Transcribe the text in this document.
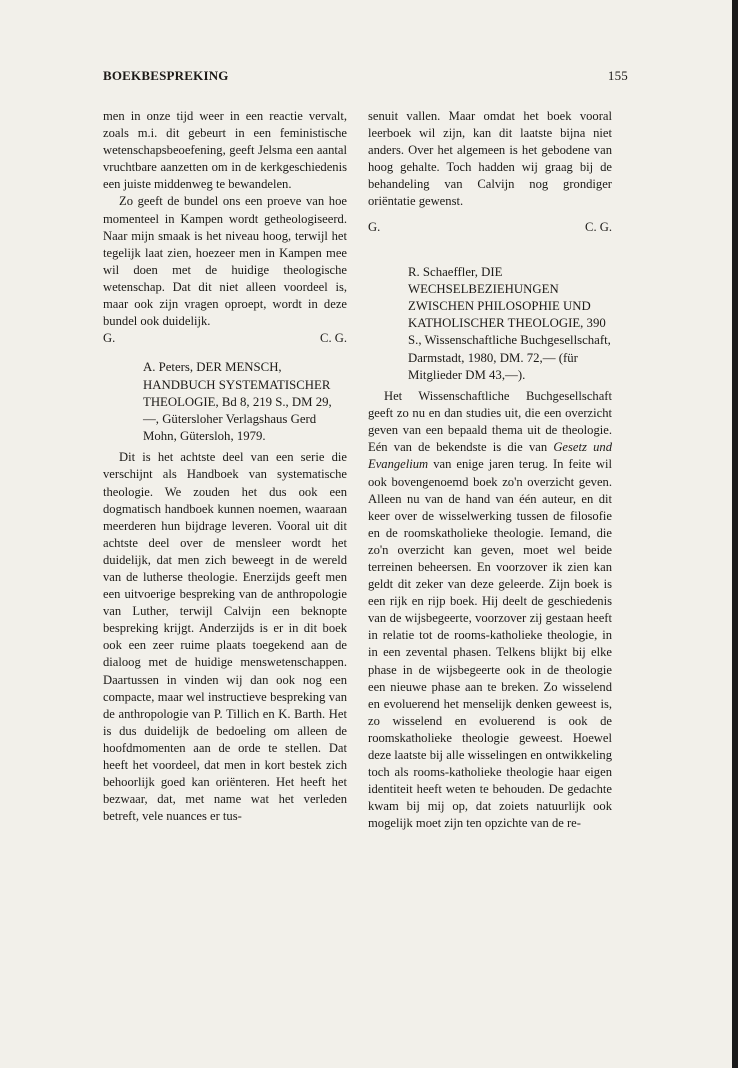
BOEKBESPREKING	155

men in onze tijd weer in een reactie vervalt, zoals m.i. dit gebeurt in een feministische wetenschapsbeoefening, geeft Jelsma een aantal vruchtbare aanzetten om in de kerkgeschiedenis een juiste middenweg te bewandelen.

Zo geeft de bundel ons een proeve van hoe momenteel in Kampen wordt getheologiseerd. Naar mijn smaak is het niveau hoog, terwijl het tegelijk laat zien, hoezeer men in Kampen mee wil doen met de huidige theologische wetenschap. Dat dit niet alleen voordeel is, maar ook zijn vragen oproept, wordt in deze bundel ook duidelijk.

G.	C. G.
A. Peters, DER MENSCH, HANDBUCH SYSTEMATISCHER THEOLOGIE, Bd 8, 219 S., DM 29,—, Gütersloher Verlagshaus Gerd Mohn, Gütersloh, 1979.

Dit is het achtste deel van een serie die verschijnt als Handboek van systematische theologie. We zouden het dus ook een dogmatisch handboek kunnen noemen, waaraan meerderen hun bijdrage leveren. Vooral uit dit achtste deel over de mensleer wordt het duidelijk, dat men zich beweegt in de wereld van de lutherse theologie. Enerzijds geeft men een uitvoerige bespreking van de anthropologie van Luther, terwijl Calvijn een beknopte bespreking krijgt. Anderzijds is er in dit boek ook een zeer ruime plaats toegekend aan de dialoog met de huidige menswetenschappen. Daartussen in vinden wij dan ook nog een compacte, maar wel instructieve bespreking van de anthropologie van P. Tillich en K. Barth. Het is dus duidelijk de bedoeling om alleen de hoofdmomenten aan de orde te stellen. Dat heeft het voordeel, dat men in kort bestek zich behoorlijk goed kan oriënteren. Het heeft het bezwaar, dat, met name wat het verleden betreft, vele nuances er tus-

senuit vallen. Maar omdat het boek vooral leerboek wil zijn, kan dit laatste bijna niet anders. Over het algemeen is het gebodene van hoog gehalte. Toch hadden wij graag bij de behandeling van Calvijn nog grondiger oriëntatie gewenst.

G.	C. G.
R. Schaeffler, DIE WECHSELBEZIEHUNGEN ZWISCHEN PHILOSOPHIE UND KATHOLISCHER THEOLOGIE, 390 S., Wissenschaftliche Buchgesellschaft, Darmstadt, 1980, DM. 72,— (für Mitglieder DM 43,—).

Het Wissenschaftliche Buchgesellschaft geeft zo nu en dan studies uit, die een overzicht geven van een bepaald thema uit de theologie. Eén van de bekendste is die van Gesetz und Evangelium van enige jaren terug. In feite wil ook bovengenoemd boek zo'n overzicht geven. Alleen nu van de hand van één auteur, en dit keer over de wisselwerking tussen de filosofie en de roomskatholieke theologie. Iemand, die zo'n overzicht kan geven, moet wel beide terreinen beheersen. En voorzover ik zien kan geldt dit zeker van deze geleerde. Zijn boek is een rijk en rijp boek. Hij deelt de geschiedenis van de wijsbegeerte, voorzover zij gestaan heeft in relatie tot de rooms-katholieke theologie, in in een zevental phasen. Telkens blijkt bij elke phase in de wijsbegeerte ook in de theologie een nieuwe phase aan te breken. Zo wisselend en evoluerend het menselijk denken geweest is, zo wisselend en evoluerend is ook de roomskatholieke theologie geweest. Hoewel deze laatste bij alle wisselingen en ontwikkeling toch als rooms-katholieke theologie haar eigen identiteit heeft weten te behouden. De gedachte kwam bij mij op, dat zoiets natuurlijk ook mogelijk moet zijn ten opzichte van de re-
